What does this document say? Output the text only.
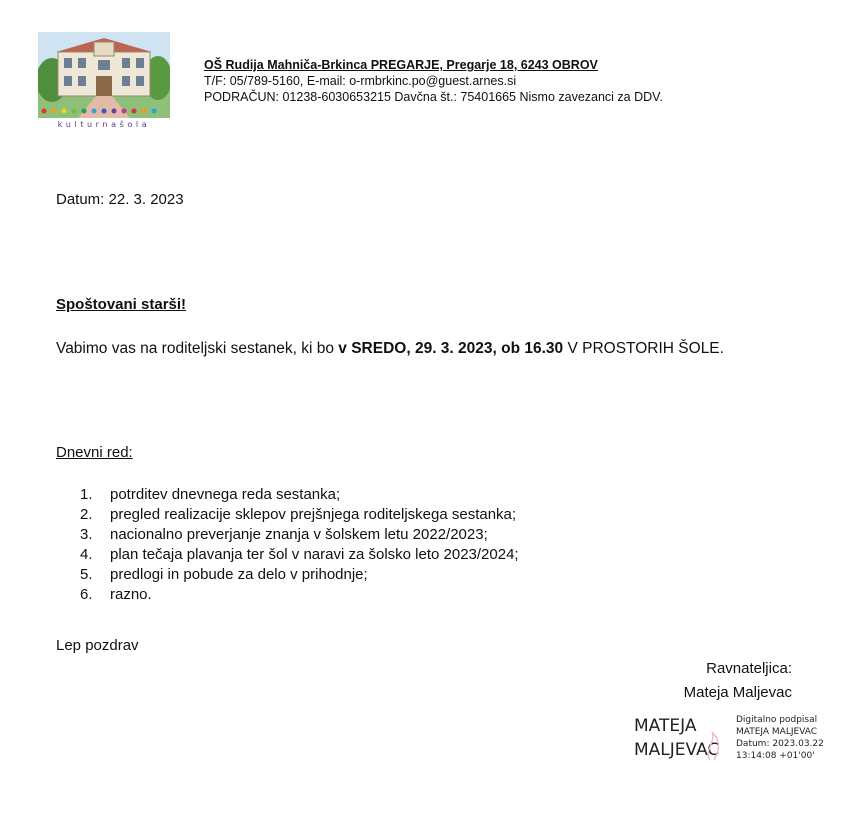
kulturnašola
OŠ Rudija Mahniča-Brkinca PREGARJE, Pregarje 18, 6243 OBROV
T/F: 05/789-5160, E-mail: o-rmbrkinc.po@guest.arnes.si
PODRAČUN: 01238-6030653215 Davčna št.: 75401665 Nismo zavezanci za DDV.
Datum: 22. 3. 2023
Spoštovani starši!
Vabimo vas na roditeljski sestanek, ki bo v SREDO, 29. 3. 2023, ob 16.30 V PROSTORIH ŠOLE.
Dnevni red:
1.	potrditev dnevnega reda sestanka;
2.	pregled realizacije sklepov prejšnjega roditeljskega sestanka;
3.	nacionalno preverjanje znanja v šolskem letu 2022/2023;
4.	plan tečaja plavanja ter šol v naravi za šolsko leto 2023/2024;
5.	predlogi in pobude za delo v prihodnje;
6.	razno.
Lep pozdrav
Ravnateljica:
Mateja Maljevac
MATEJA
MALJEVAC
Digitalno podpisal
MATEJA MALJEVAC
Datum: 2023.03.22
13:14:08 +01'00'
